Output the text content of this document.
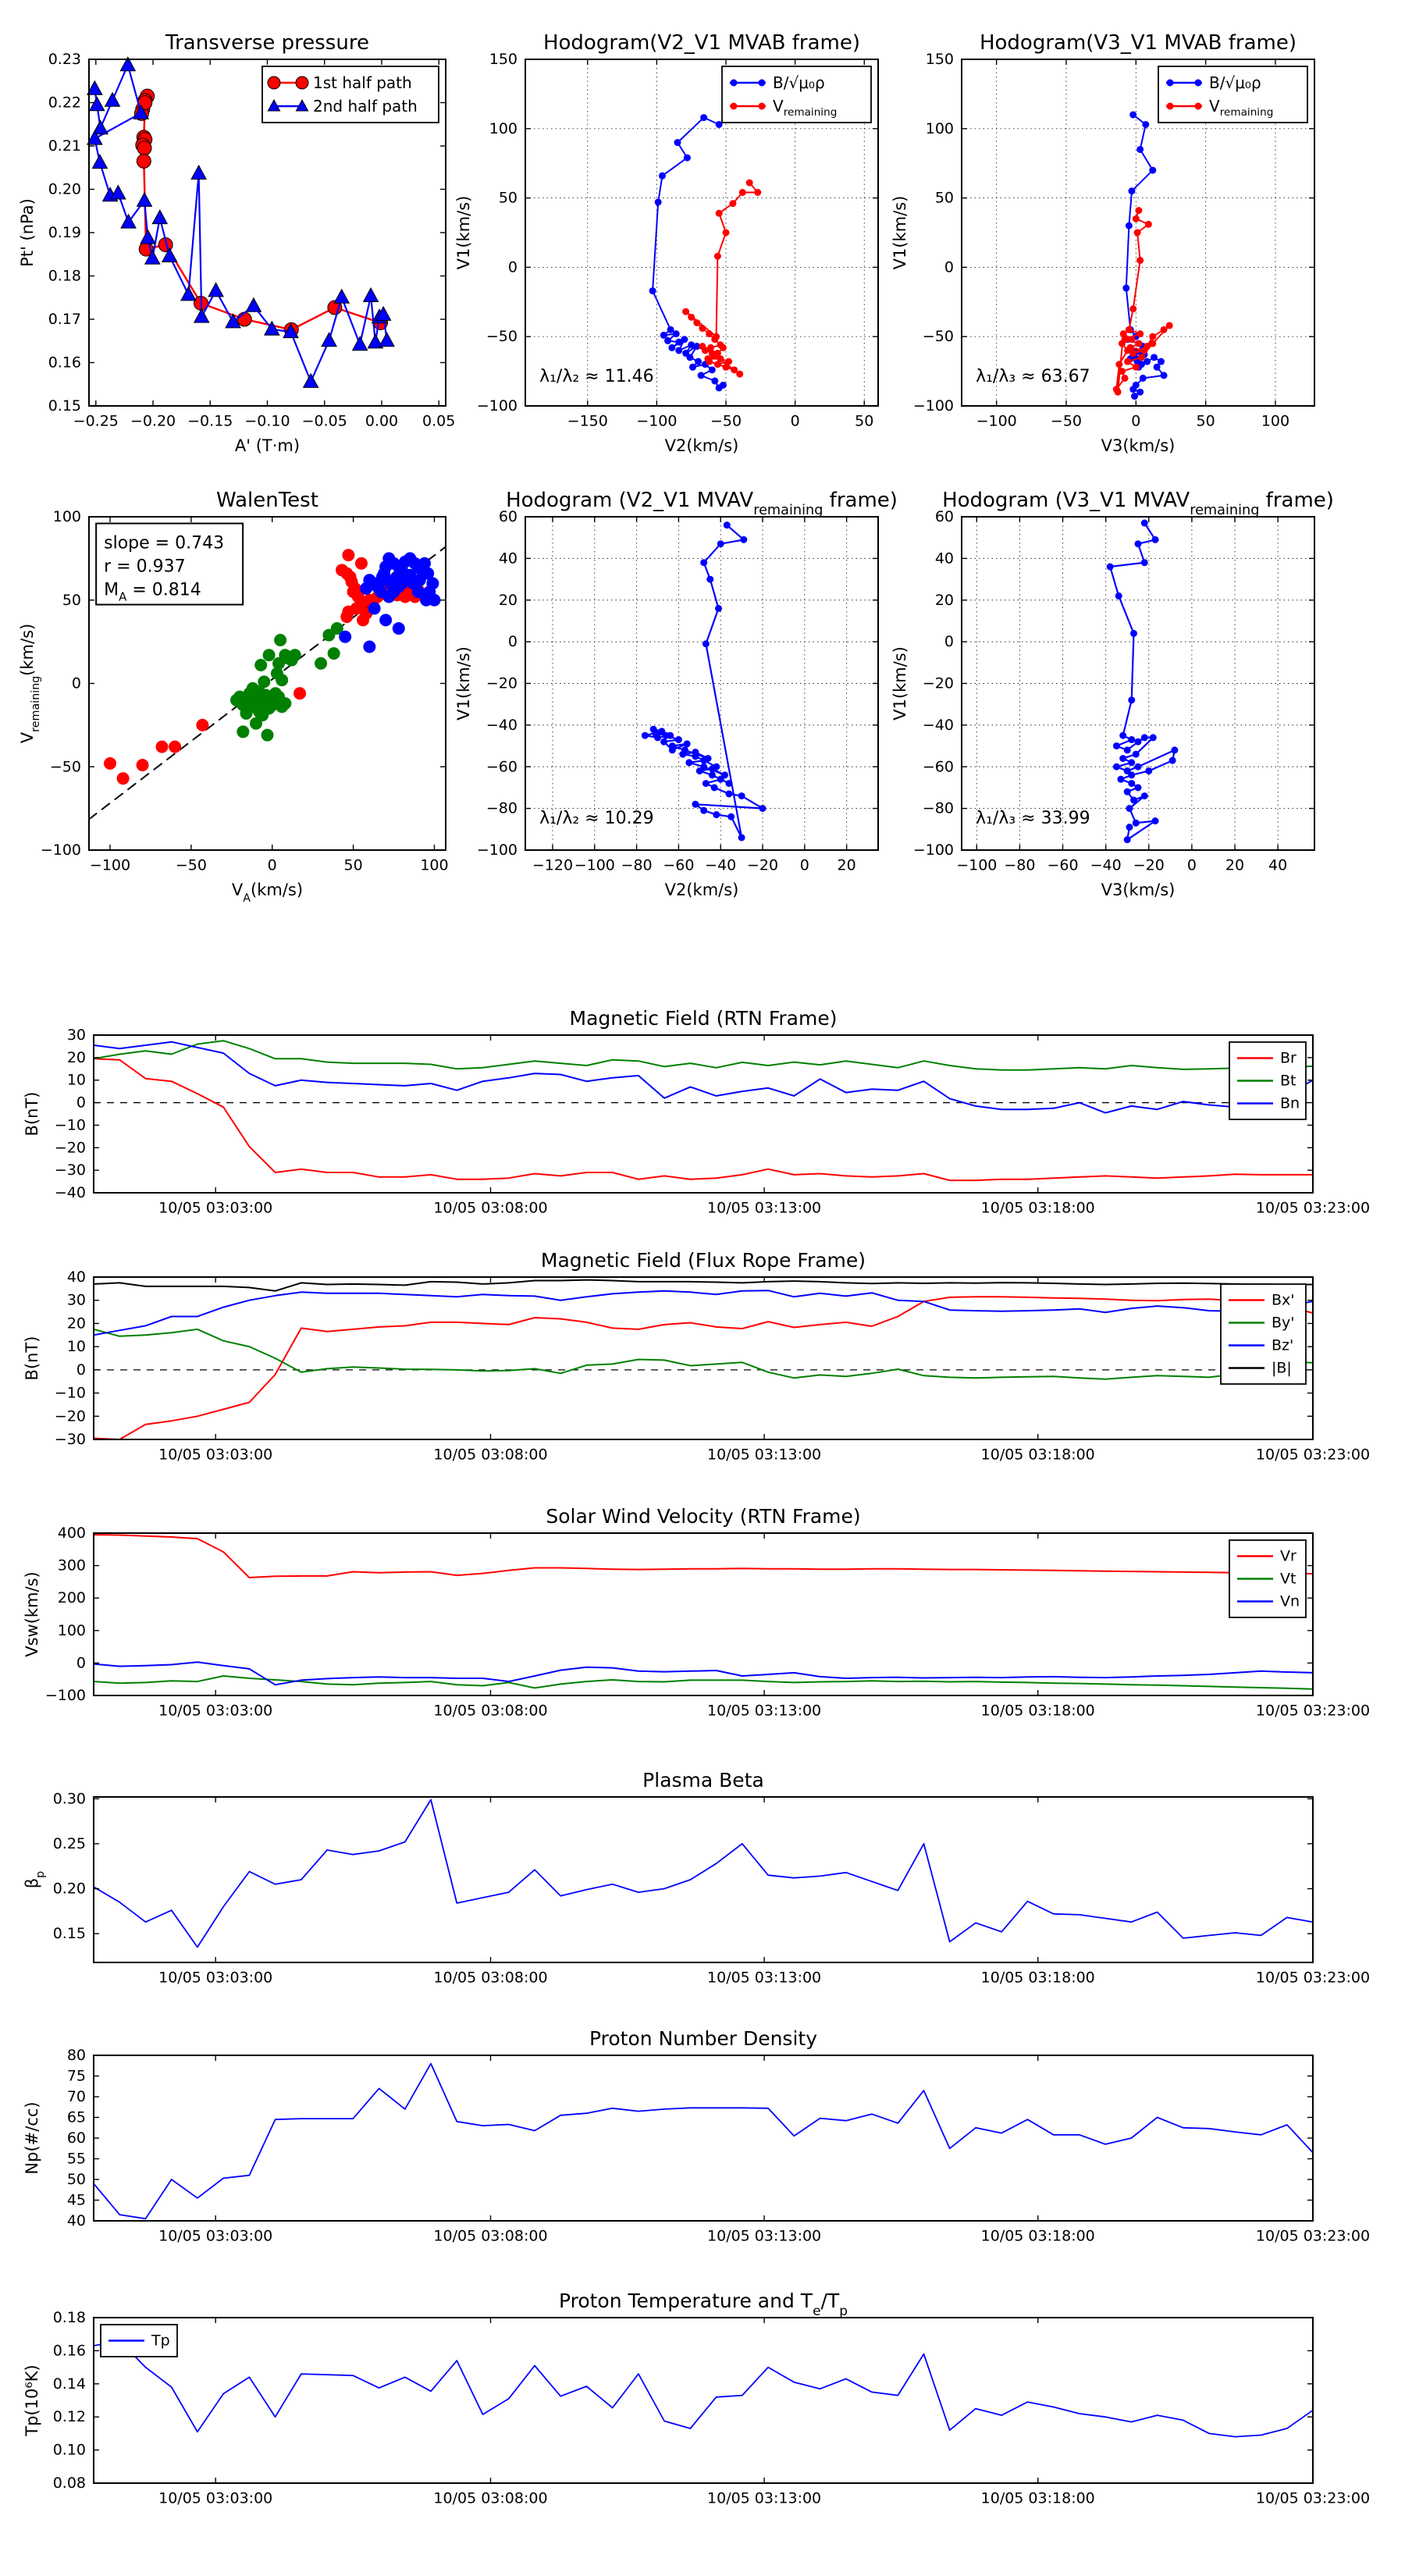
−0.25 −0.20 −0.15 −0.10 −0.05 0.00 0.05
0.15
0.16
0.17
0.18
0.19
0.20
0.21
0.22
0.23
Transverse pressure
A' (T·m)
Pt' (nPa)
1st half path
2nd half path
−150 −100 −50	0	50
−100
−50
0
50
100
150
Hodogram(V2_V1 MVAB frame)
V2(km/s)
V1(km/s)
B/√μ₀ρ
$V_{remaining}$
λ₁/λ₂ ≈ 11.46
−100 −50	0	50	100
−100
−50
0
50
100
150
Hodogram(V3_V1 MVAB frame)
V3(km/s)
V1(km/s)
B/√μ₀ρ
$V_{remaining}$
λ₁/λ₃ ≈ 63.67
−100	−50	0	50	100
−100
−50
0
50
100
WalenTest
$V_A(km/s)$
$V_{remaining}(km/s)$
slope = 0.743
r = 0.937
$M_A = 0.814$
−120 −100 −80 −60 −40 −20 0 20
−100
−80
−60
−40
−20
0
20
40
60
Hodogram (V2_V1 $MVAV_{remaining}$ frame)
V2(km/s)
V1(km/s)
λ₁/λ₂ ≈ 10.29
−100 −80 −60 −40 −20 0 20 40
−100
−80
−60
−40
−20
0
20
40
60
Hodogram (V3_V1 $MVAV_{remaining}$ frame)
V3(km/s)
V1(km/s)
λ₁/λ₃ ≈ 33.99
10/05 03:03:00	10/05 03:08:00	10/05 03:13:00	10/05 03:18:00	10/05 03:23:00
−40
−30
−20
−10
0
10
20
30
Magnetic Field (RTN Frame)
B(nT)
Br
Bt
Bn
10/05 03:03:00	10/05 03:08:00	10/05 03:13:00	10/05 03:18:00	10/05 03:23:00
−30
−20
−10
0
10
20
30
40
Magnetic Field (Flux Rope Frame)
B(nT)
Bx'
By'
Bz'
|B|
10/05 03:03:00	10/05 03:08:00	10/05 03:13:00	10/05 03:18:00	10/05 03:23:00
−100
0
100
200
300
400
Solar Wind Velocity (RTN Frame)
Vsw(km/s)
Vr
Vt
Vn
10/05 03:03:00	10/05 03:08:00	10/05 03:13:00	10/05 03:18:00	10/05 03:23:00
0.15
0.20
0.25
0.30
Plasma Beta
$\beta_p$
10/05 03:03:00	10/05 03:08:00	10/05 03:13:00	10/05 03:18:00	10/05 03:23:00
40
45
50
55
60
65
70
75
80
Proton Number Density
Np(#/cc)
10/05 03:03:00	10/05 03:08:00	10/05 03:13:00	10/05 03:18:00	10/05 03:23:00
0.08
0.10
0.12
0.14
0.16
0.18
Proton Temperature and $T_e/T_p$
Tp(10⁶K)
Tp
